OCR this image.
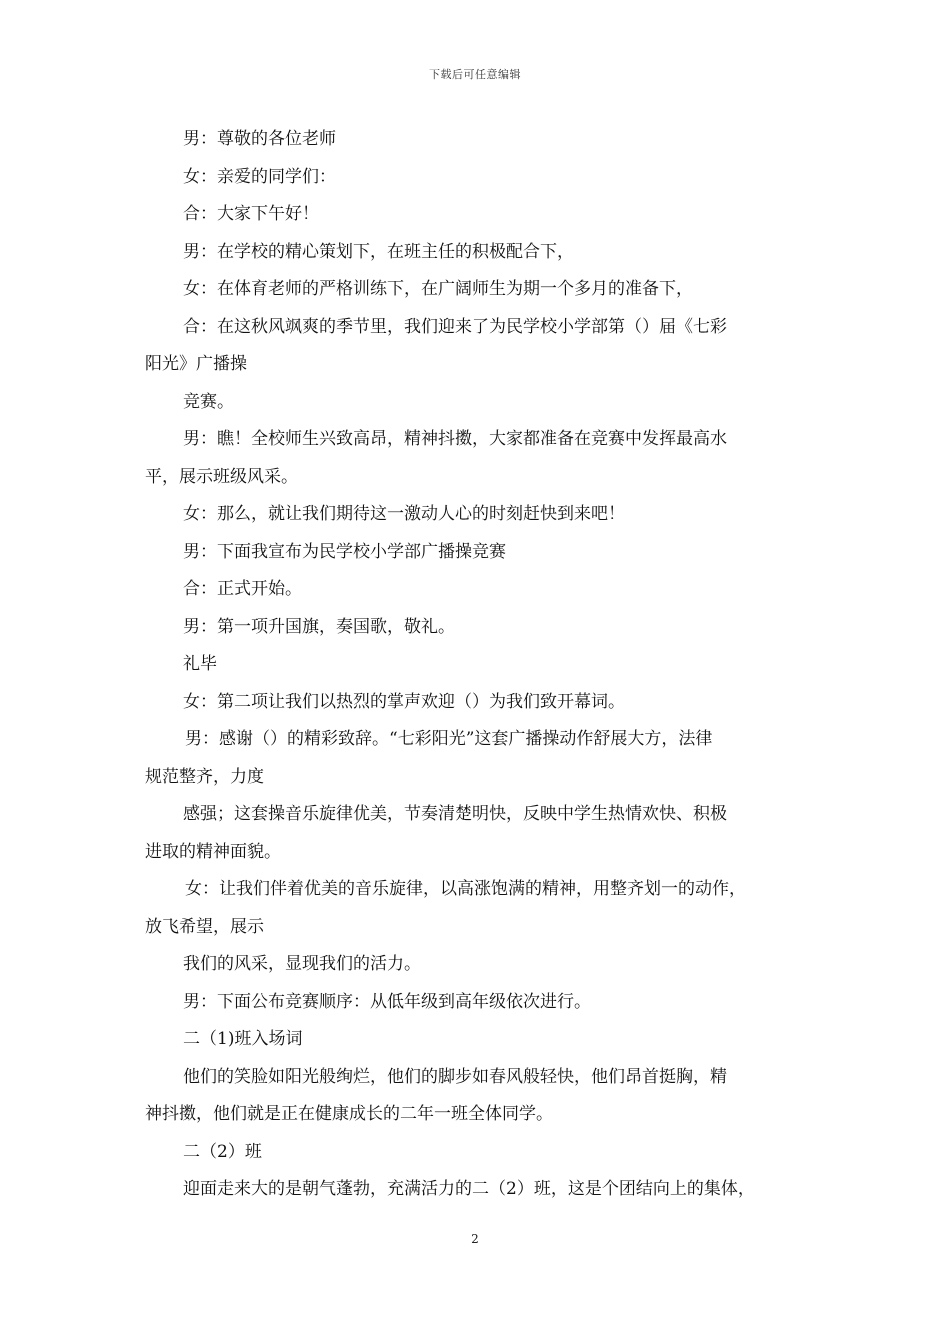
下载后可任意编辑
男：尊敬的各位老师
女：亲爱的同学们：
合：大家下午好！
男：在学校的精心策划下，在班主任的积极配合下，
女：在体育老师的严格训练下，在广阔师生为期一个多月的准备下，
合：在这秋风飒爽的季节里，我们迎来了为民学校小学部第（）届《七彩
阳光》广播操
竞赛。
男：瞧！全校师生兴致高昂，精神抖擞，大家都准备在竞赛中发挥最高水
平，展示班级风采。
女：那么，就让我们期待这一激动人心的时刻赶快到来吧！
男：下面我宣布为民学校小学部广播操竞赛
合：正式开始。
男：第一项升国旗，奏国歌，敬礼。
礼毕
女：第二项让我们以热烈的掌声欢迎（）为我们致开幕词。
男：感谢（）的精彩致辞。“七彩阳光”这套广播操动作舒展大方，法律
规范整齐，力度
感强；这套操音乐旋律优美，节奏清楚明快，反映中学生热情欢快、积极
进取的精神面貌。
女：让我们伴着优美的音乐旋律，以高涨饱满的精神，用整齐划一的动作，
放飞希望，展示
我们的风采，显现我们的活力。
男：下面公布竞赛顺序：从低年级到高年级依次进行。
二（1)班入场词
他们的笑脸如阳光般绚烂，他们的脚步如春风般轻快，他们昂首挺胸，精
神抖擞，他们就是正在健康成长的二年一班全体同学。
二（2）班
迎面走来大的是朝气蓬勃，充满活力的二（2）班，这是个团结向上的集体，
2
